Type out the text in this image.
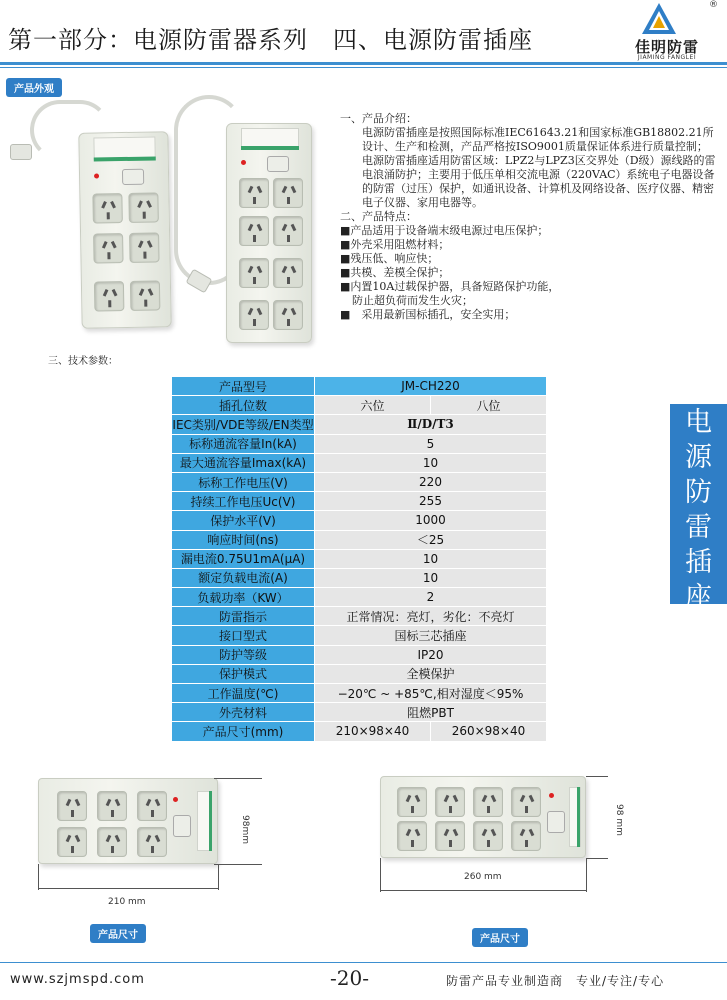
第一部分：电源防雷器系列　四、电源防雷插座	佳明防雷
JIAMING FANGLEI
®
产品外观

一、产品介绍：

电源防雷插座是按照国际标准IEC61643.21和国家标准GB18802.21所设计、生产和检测，产品严格按ISO9001质量保证体系进行质量控制；

电源防雷插座适用防雷区域：LPZ2与LPZ3区交界处（D级）源线路的雷电浪涌防护；主要用于低压单相交流电源（220VAC）系统电子电器设备的防雷（过压）保护，如通讯设备、计算机及网络设备、医疗仪器、精密电子仪器、家用电器等。

二、产品特点：

■产品适用于设备端末级电源过电压保护；

■外壳采用阻燃材料；

■残压低、响应快；

■共模、差模全保护；

■内置10A过载保护器，具备短路保护功能，

防止超负荷而发生火灾；

■　采用最新国标插孔，安全实用；

三、技术参数：
产品型号	JM-CH220	
插孔位数	六位	八位
IEC类别/VDE等级/EN类型	Ⅱ/D/T3	
标称通流容量In(kA)	5	
最大通流容量Imax(kA)	10	
标称工作电压(V)	220	
持续工作电压Uc(V)	255	
保护水平(V)	1000	
响应时间(ns)	＜25	
漏电流0.75U1mA(μA)	10	
额定负载电流(A)	10	
负载功率（KW）	2	
防雷指示	正常情况：亮灯，劣化：不亮灯	
接口型式	国标三芯插座	
防护等级	IP20	
保护模式	全模保护	
工作温度(℃)	−20℃ ~ +85℃,相对湿度＜95%	
外壳材料	阻燃PBT	
产品尺寸(mm)	210×98×40	260×98×40
电
源
防
雷
插
座
98mm
210 mm
产品尺寸
98 mm
260 mm
产品尺寸
www.szjmspd.com	-20-	防雷产品专业制造商　专业/专注/专心
